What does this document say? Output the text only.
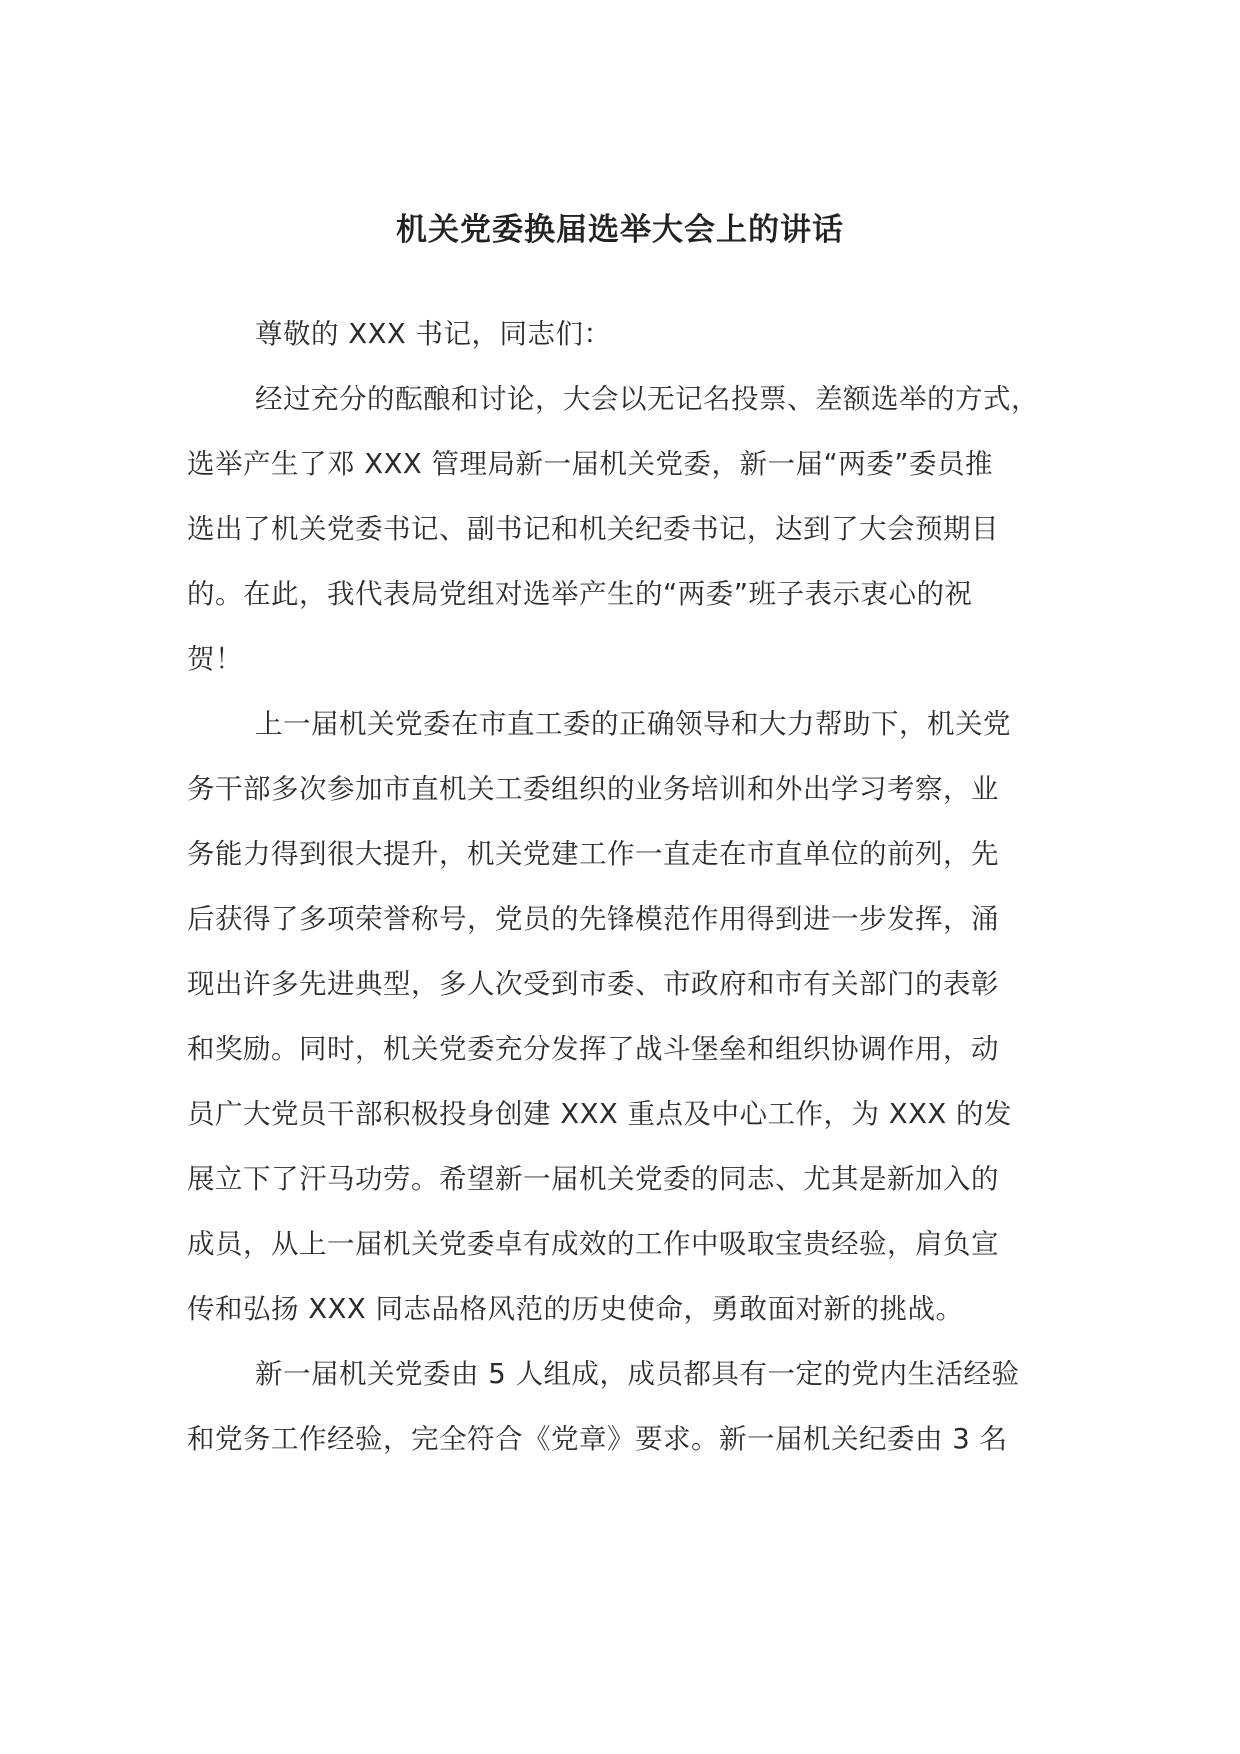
机关党委换届选举大会上的讲话
尊敬的 XXX 书记，同志们：
经过充分的酝酿和讨论，大会以无记名投票、差额选举的方式，
选举产生了邓 XXX 管理局新一届机关党委，新一届“两委”委员推
选出了机关党委书记、副书记和机关纪委书记，达到了大会预期目
的。在此，我代表局党组对选举产生的“两委”班子表示衷心的祝
贺！
上一届机关党委在市直工委的正确领导和大力帮助下，机关党
务干部多次参加市直机关工委组织的业务培训和外出学习考察，业
务能力得到很大提升，机关党建工作一直走在市直单位的前列，先
后获得了多项荣誉称号，党员的先锋模范作用得到进一步发挥，涌
现出许多先进典型，多人次受到市委、市政府和市有关部门的表彰
和奖励。同时，机关党委充分发挥了战斗堡垒和组织协调作用，动
员广大党员干部积极投身创建 XXX 重点及中心工作，为 XXX 的发
展立下了汗马功劳。希望新一届机关党委的同志、尤其是新加入的
成员，从上一届机关党委卓有成效的工作中吸取宝贵经验，肩负宣
传和弘扬 XXX 同志品格风范的历史使命，勇敢面对新的挑战。
新一届机关党委由 5 人组成，成员都具有一定的党内生活经验
和党务工作经验，完全符合《党章》要求。新一届机关纪委由 3 名
